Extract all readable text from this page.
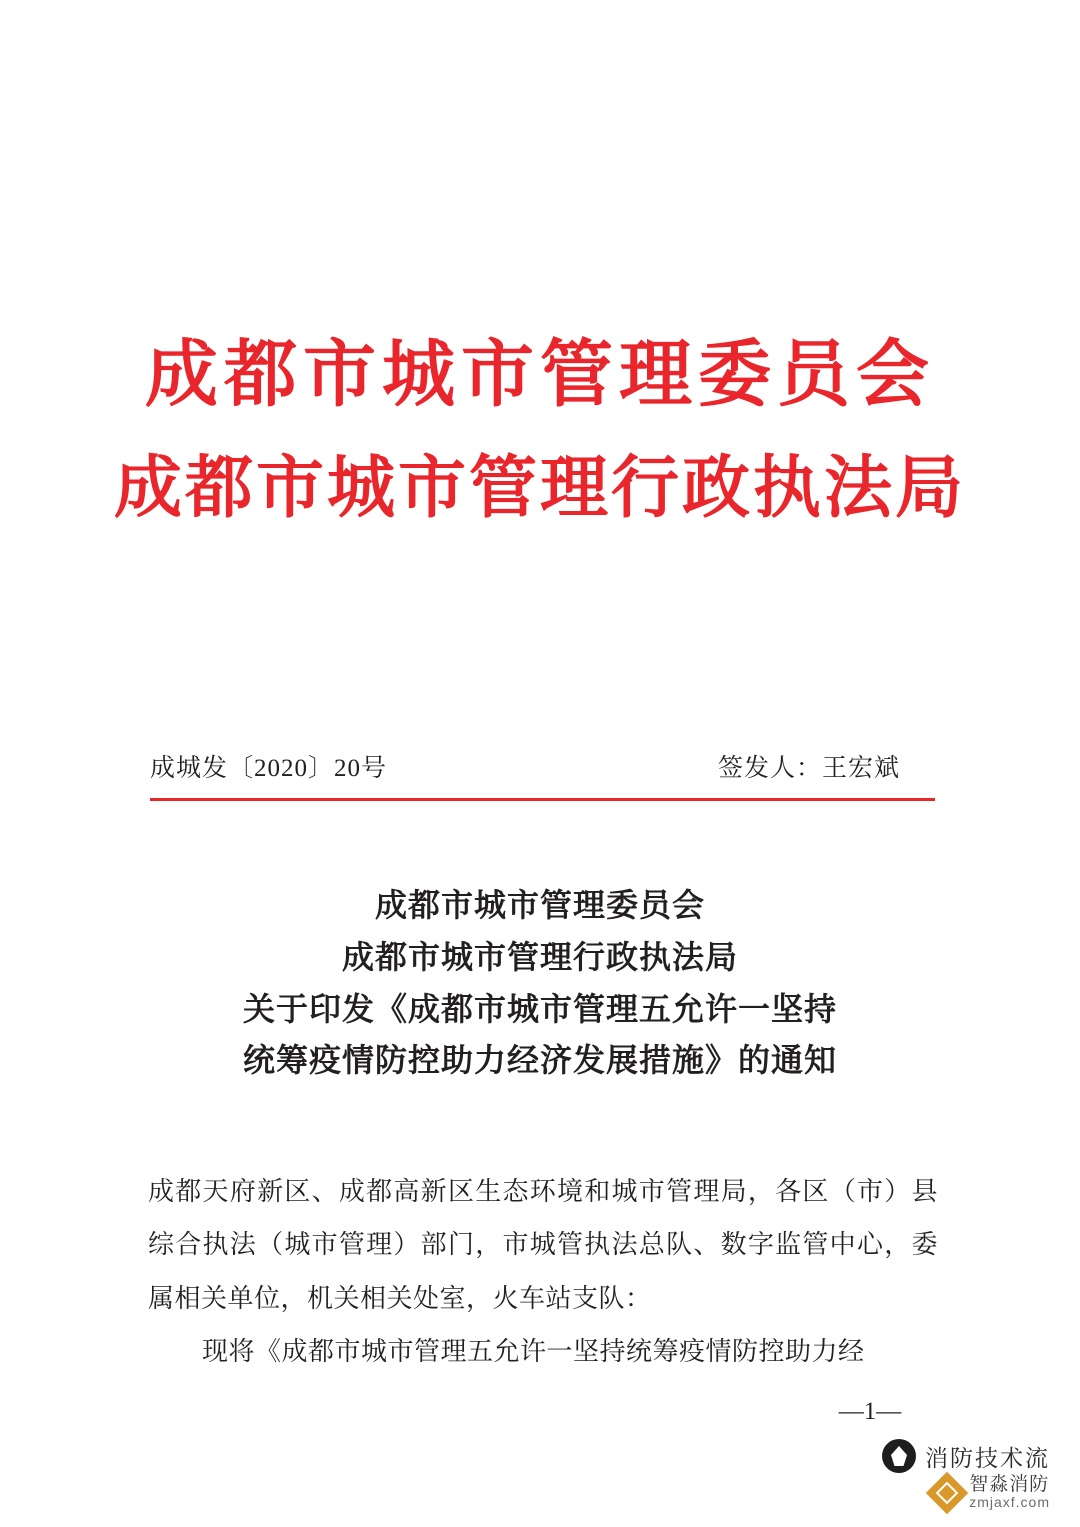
成都市城市管理委员会
成都市城市管理行政执法局
成城发〔2020〕20号	签发人：王宏斌
成都市城市管理委员会
成都市城市管理行政执法局
关于印发《成都市城市管理五允许一坚持
统筹疫情防控助力经济发展措施》的通知

成都天府新区、成都高新区生态环境和城市管理局，各区（市）县综合执法（城市管理）部门，市城管执法总队、数字监管中心，委属相关单位，机关相关处室，火车站支队：

现将《成都市城市管理五允许一坚持统筹疫情防控助力经

—1—
消防技术流
智淼消防
zmjaxf.com
